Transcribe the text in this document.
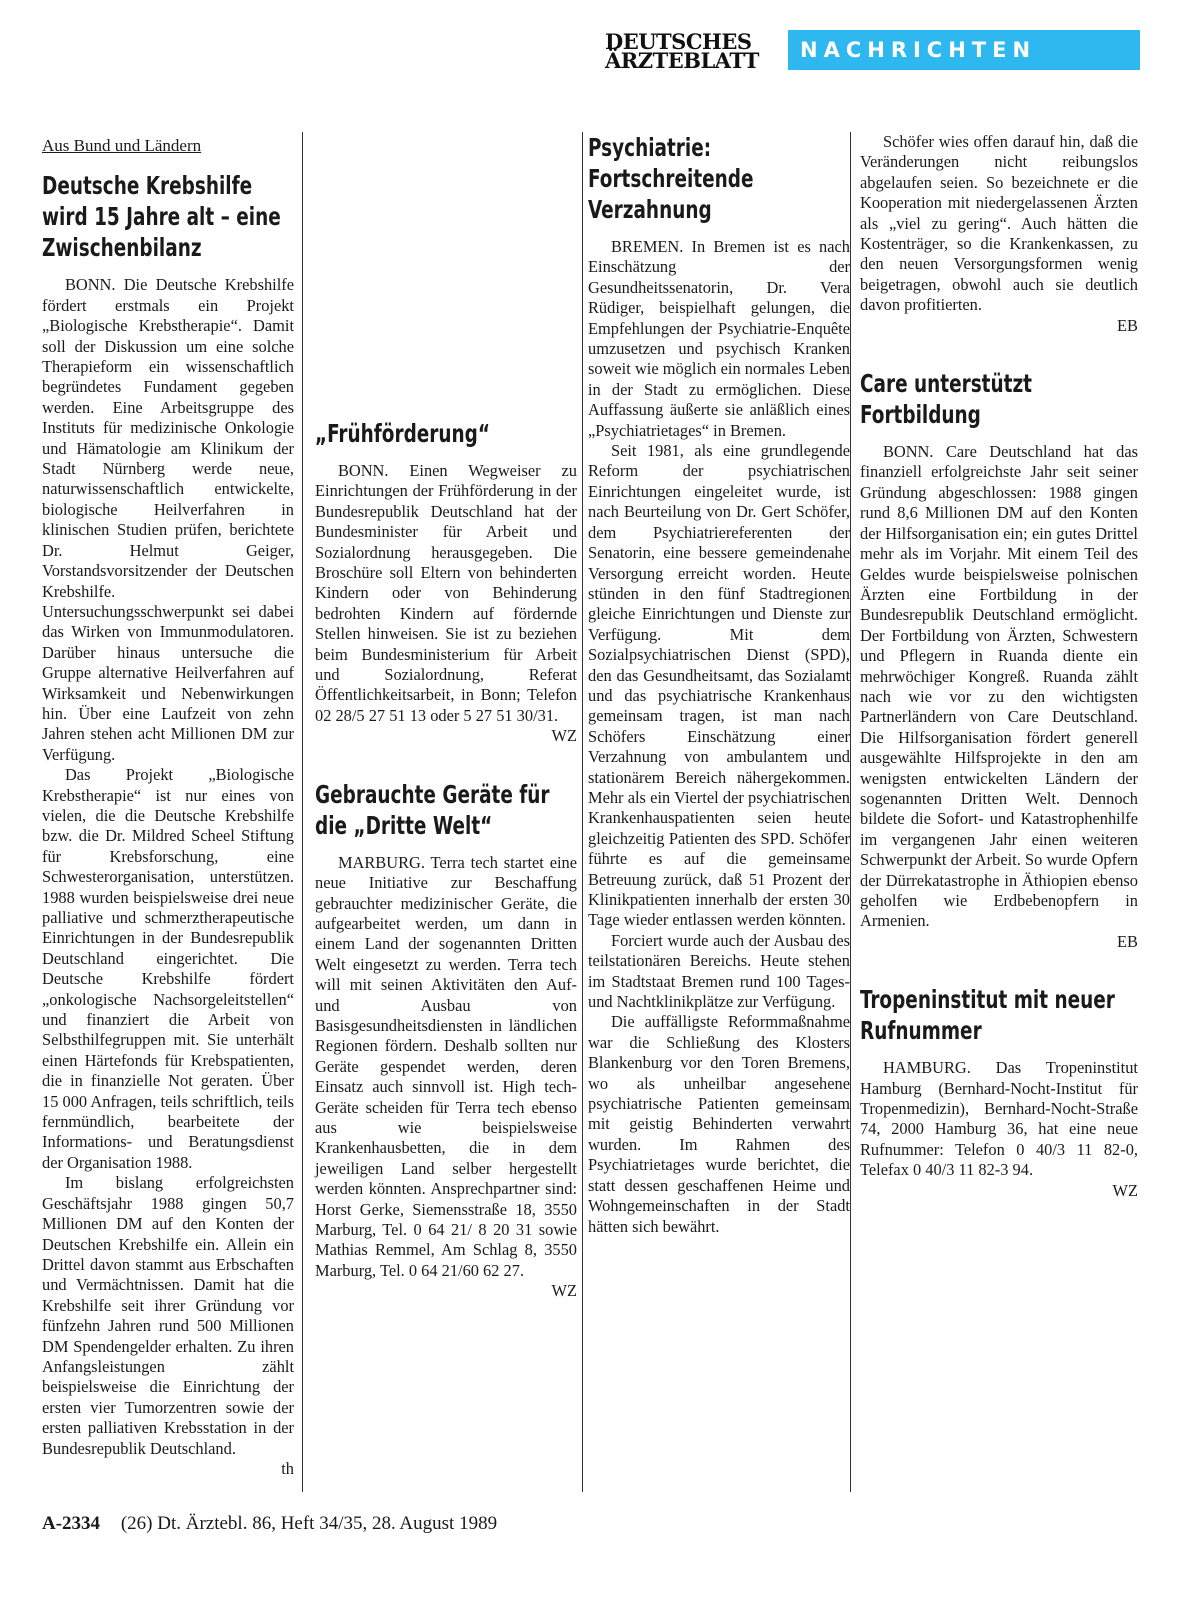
DEUTSCHES
ÄRZTEBLATT	NACHRICHTEN
Aus Bund und Ländern
Deutsche Krebshilfe wird 15 Jahre alt – eine Zwischenbilanz

BONN. Die Deutsche Krebshilfe fördert erstmals ein Projekt „Biologische Krebstherapie“. Damit soll der Diskussion um eine solche Therapieform ein wissenschaftlich begründetes Fundament gegeben werden. Eine Arbeitsgruppe des Instituts für medizinische Onkologie und Hämatologie am Klinikum der Stadt Nürnberg werde neue, naturwissenschaftlich entwickelte, biologische Heilverfahren in klinischen Studien prüfen, berichtete Dr. Helmut Geiger, Vorstandsvorsitzender der Deutschen Krebshilfe. Untersuchungsschwerpunkt sei dabei das Wirken von Immunmodulatoren. Darüber hinaus untersuche die Gruppe alternative Heilverfahren auf Wirksamkeit und Nebenwirkungen hin. Über eine Laufzeit von zehn Jahren stehen acht Millionen DM zur Verfügung.

Das Projekt „Biologische Krebstherapie“ ist nur eines von vielen, die die Deutsche Krebshilfe bzw. die Dr. Mildred Scheel Stiftung für Krebsforschung, eine Schwesterorganisation, unterstützen. 1988 wurden beispielsweise drei neue palliative und schmerztherapeutische Einrichtungen in der Bundesrepublik Deutschland eingerichtet. Die Deutsche Krebshilfe fördert „onkologische Nachsorgeleitstellen“ und finanziert die Arbeit von Selbsthilfegruppen mit. Sie unterhält einen Härtefonds für Krebspatienten, die in finanzielle Not geraten. Über 15 000 Anfragen, teils schriftlich, teils fernmündlich, bearbeitete der Informations- und Beratungsdienst der Organisation 1988.

Im bislang erfolgreichsten Geschäftsjahr 1988 gingen 50,7 Millionen DM auf den Konten der Deutschen Krebshilfe ein. Allein ein Drittel davon stammt aus Erbschaften und Vermächtnissen. Damit hat die Krebshilfe seit ihrer Gründung vor fünfzehn Jahren rund 500 Millionen DM Spendengelder erhalten. Zu ihren Anfangsleistungen zählt beispielsweise die Einrichtung der ersten vier Tumorzentren sowie der ersten palliativen Krebsstation in der Bundesrepublik Deutschland.

th
„Frühförderung“

BONN. Einen Wegweiser zu Einrichtungen der Frühförderung in der Bundesrepublik Deutschland hat der Bundesminister für Arbeit und Sozialordnung herausgegeben. Die Broschüre soll Eltern von behinderten Kindern oder von Behinderung bedrohten Kindern auf fördernde Stellen hinweisen. Sie ist zu beziehen beim Bundesministerium für Arbeit und Sozialordnung, Referat Öffentlichkeitsarbeit, in Bonn; Telefon 02 28/5 27 51 13 oder 5 27 51 30/31.

WZ
Gebrauchte Geräte für die „Dritte Welt“

MARBURG. Terra tech startet eine neue Initiative zur Beschaffung gebrauchter medizinischer Geräte, die aufgearbeitet werden, um dann in einem Land der sogenannten Dritten Welt eingesetzt zu werden. Terra tech will mit seinen Aktivitäten den Auf- und Ausbau von Basisgesundheitsdiensten in ländlichen Regionen fördern. Deshalb sollten nur Geräte gespendet werden, deren Einsatz auch sinnvoll ist. High tech-Geräte scheiden für Terra tech ebenso aus wie beispielsweise Krankenhausbetten, die in dem jeweiligen Land selber hergestellt werden könnten. Ansprechpartner sind: Horst Gerke, Siemensstraße 18, 3550 Marburg, Tel. 0 64 21/ 8 20 31 sowie Mathias Remmel, Am Schlag 8, 3550 Marburg, Tel. 0 64 21/60 62 27.

WZ
Psychiatrie: Fortschreitende Verzahnung

BREMEN. In Bremen ist es nach Einschätzung der Gesundheitssenatorin, Dr. Vera Rüdiger, beispielhaft gelungen, die Empfehlungen der Psychiatrie-Enquête umzusetzen und psychisch Kranken soweit wie möglich ein normales Leben in der Stadt zu ermöglichen. Diese Auffassung äußerte sie anläßlich eines „Psychiatrietages“ in Bremen.

Seit 1981, als eine grundlegende Reform der psychiatrischen Einrichtungen eingeleitet wurde, ist nach Beurteilung von Dr. Gert Schöfer, dem Psychiatriereferenten der Senatorin, eine bessere gemeindenahe Versorgung erreicht worden. Heute stünden in den fünf Stadtregionen gleiche Einrichtungen und Dienste zur Verfügung. Mit dem Sozialpsychiatrischen Dienst (SPD), den das Gesundheitsamt, das Sozialamt und das psychiatrische Krankenhaus gemeinsam tragen, ist man nach Schöfers Einschätzung einer Verzahnung von ambulantem und stationärem Bereich nähergekommen. Mehr als ein Viertel der psychiatrischen Krankenhauspatienten seien heute gleichzeitig Patienten des SPD. Schöfer führte es auf die gemeinsame Betreuung zurück, daß 51 Prozent der Klinikpatienten innerhalb der ersten 30 Tage wieder entlassen werden könnten.

Forciert wurde auch der Ausbau des teilstationären Bereichs. Heute stehen im Stadtstaat Bremen rund 100 Tages- und Nachtklinikplätze zur Verfügung.

Die auffälligste Reformmaßnahme war die Schließung des Klosters Blankenburg vor den Toren Bremens, wo als unheilbar angesehene psychiatrische Patienten gemeinsam mit geistig Behinderten verwahrt wurden. Im Rahmen des Psychiatrietages wurde berichtet, die statt dessen geschaffenen Heime und Wohngemeinschaften in der Stadt hätten sich bewährt.

Schöfer wies offen darauf hin, daß die Veränderungen nicht reibungslos abgelaufen seien. So bezeichnete er die Kooperation mit niedergelassenen Ärzten als „viel zu gering“. Auch hätten die Kostenträger, so die Krankenkassen, zu den neuen Versorgungsformen wenig beigetragen, obwohl auch sie deutlich davon profitierten.

EB
Care unterstützt Fortbildung

BONN. Care Deutschland hat das finanziell erfolgreichste Jahr seit seiner Gründung abgeschlossen: 1988 gingen rund 8,6 Millionen DM auf den Konten der Hilfsorganisation ein; ein gutes Drittel mehr als im Vorjahr. Mit einem Teil des Geldes wurde beispielsweise polnischen Ärzten eine Fortbildung in der Bundesrepublik Deutschland ermöglicht. Der Fortbildung von Ärzten, Schwestern und Pflegern in Ruanda diente ein mehrwöchiger Kongreß. Ruanda zählt nach wie vor zu den wichtigsten Partnerländern von Care Deutschland. Die Hilfsorganisation fördert generell ausgewählte Hilfsprojekte in den am wenigsten entwickelten Ländern der sogenannten Dritten Welt. Dennoch bildete die Sofort- und Katastrophenhilfe im vergangenen Jahr einen weiteren Schwerpunkt der Arbeit. So wurde Opfern der Dürrekatastrophe in Äthiopien ebenso geholfen wie Erdbebenopfern in Armenien.

EB
Tropeninstitut mit neuer Rufnummer

HAMBURG. Das Tropeninstitut Hamburg (Bernhard-Nocht-Institut für Tropenmedizin), Bernhard-Nocht-Straße 74, 2000 Hamburg 36, hat eine neue Rufnummer: Telefon 0 40/3 11 82-0, Telefax 0 40/3 11 82-3 94.

WZ
A-2334 (26) Dt. Ärztebl. 86, Heft 34/35, 28. August 1989
